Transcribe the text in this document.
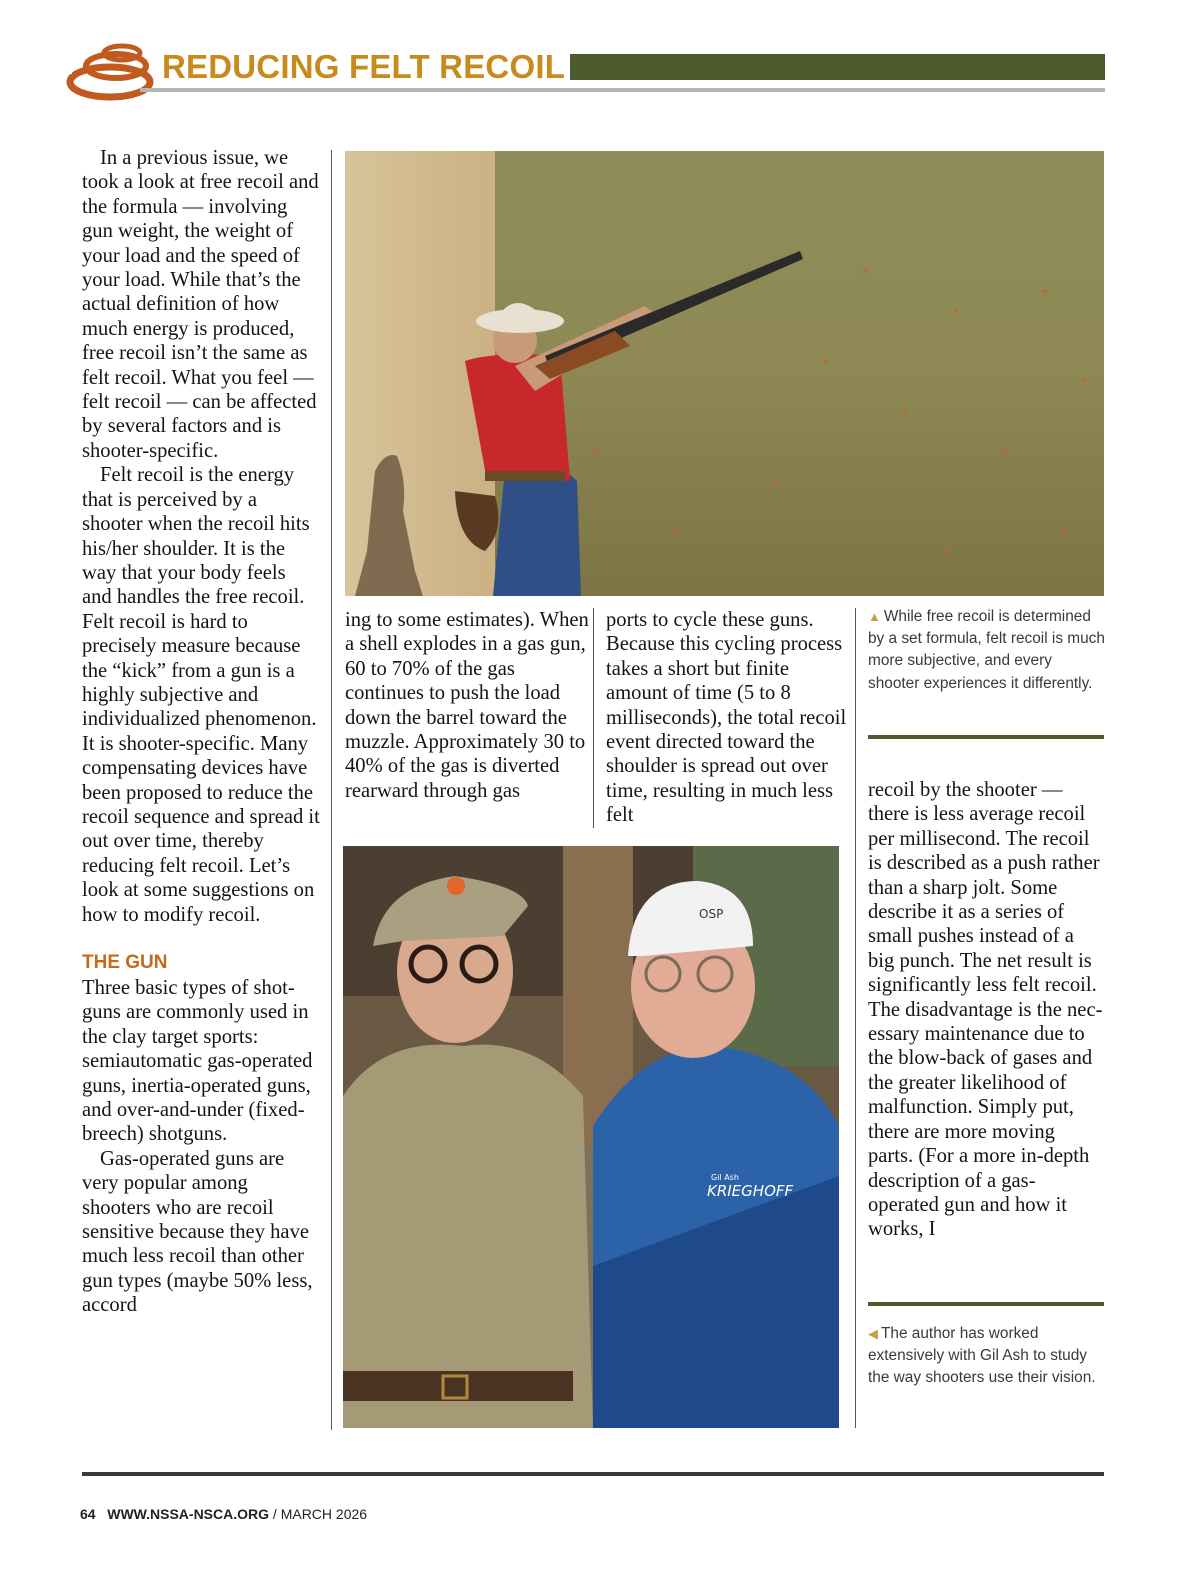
REDUCING FELT RECOIL

In a previous issue, we took a look at free recoil and the formula — involving gun weight, the weight of your load and the speed of your load. While that’s the actual definition of how much energy is produced, free recoil isn’t the same as felt recoil. What you feel — felt recoil — can be affected by several factors and is shooter-specific.

Felt recoil is the energy that is perceived by a shooter when the recoil hits his/her shoulder. It is the way that your body feels and handles the free recoil. Felt recoil is hard to precisely measure because the “kick” from a gun is a highly subjective and individualized phenomenon. It is shooter-specific. Many compensating devices have been proposed to reduce the recoil sequence and spread it out over time, thereby reducing felt recoil. Let’s look at some suggestions on how to modify recoil.

THE GUN

Three basic types of shotguns are commonly used in the clay target sports: semiautomatic gas-operated guns, inertia-operated guns, and over-and-under (fixed-breech) shotguns.

Gas-operated guns are very popular among shooters who are recoil sensitive because they have much less recoil than other gun types (maybe 50% less, accord

OSP
Gil Ash
KRIEGHOFF

ing to some estimates). When a shell explodes in a gas gun, 60 to 70% of the gas continues to push the load down the barrel toward the muzzle. Approximately 30 to 40% of the gas is diverted rearward through gas

ports to cycle these guns. Because this cycling process takes a short but finite amount of time (5 to 8 milliseconds), the total recoil event directed toward the shoulder is spread out over time, resulting in much less felt

▲ While free recoil is determined by a set formula, felt recoil is much more subjective, and every shooter experiences it differently.

recoil by the shooter — there is less average recoil per millisecond. The recoil is described as a push rather than a sharp jolt. Some describe it as a series of small pushes instead of a big punch. The net result is significantly less felt recoil. The disadvantage is the necessary maintenance due to the blow-back of gases and the greater likelihood of malfunction. Simply put, there are more moving parts. (For a more in-depth description of a gas-operated gun and how it works, I

◀ The author has worked extensively with Gil Ash to study the way shooters use their vision.
64 WWW.NSSA-NSCA.ORG / MARCH 2026
